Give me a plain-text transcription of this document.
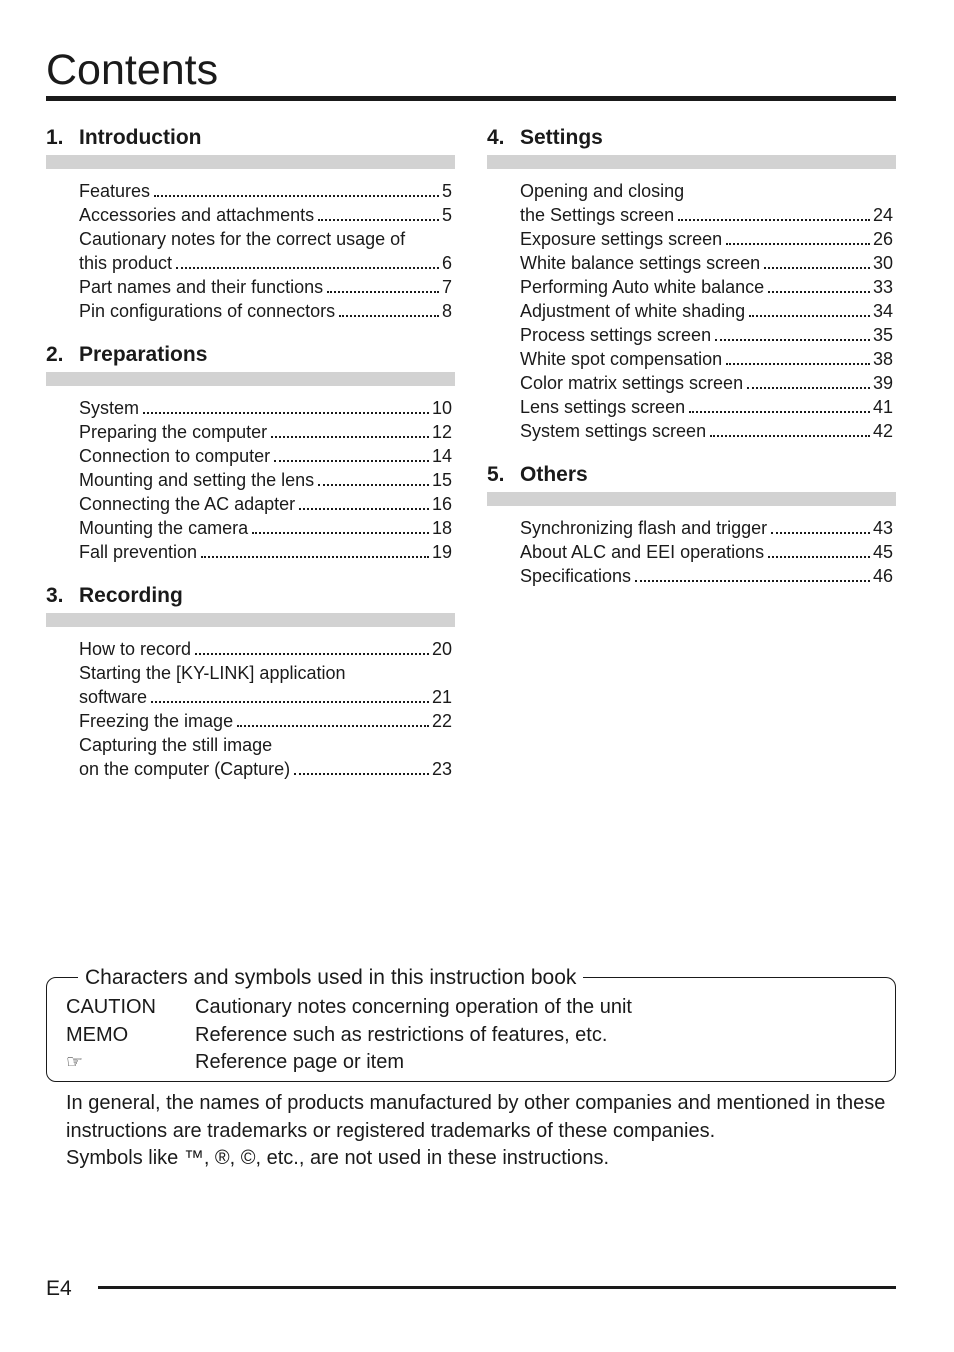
Contents
1. Introduction
Features	5
Accessories and attachments	5
Cautionary notes for the correct usage of
this product	6
Part names and their functions	7
Pin configurations of connectors	8
2. Preparations
System	10
Preparing the computer	12
Connection to computer	14
Mounting and setting the lens	15
Connecting the AC adapter	16
Mounting the camera	18
Fall prevention	19
3. Recording
How to record	20
Starting the [KY-LINK] application
software	21
Freezing the image	22
Capturing the still image
on the computer (Capture)	23
4. Settings
Opening and closing
the Settings screen	24
Exposure settings screen	26
White balance settings screen	30
Performing Auto white balance	33
Adjustment of white shading	34
Process settings screen	35
White spot compensation	38
Color matrix settings screen	39
Lens settings screen	41
System settings screen	42
5. Others
Synchronizing flash and trigger	43
About ALC and EEI operations	45
Specifications	46
Characters and symbols used in this instruction book
CAUTION	Cautionary notes concerning operation of the unit
MEMO	Reference such as restrictions of features, etc.
☞	Reference page or item
In general, the names of products manufactured by other companies and mentioned in these
instructions are trademarks or registered trademarks of these companies.
Symbols like ™, ®, ©, etc., are not used in these instructions.
E4
